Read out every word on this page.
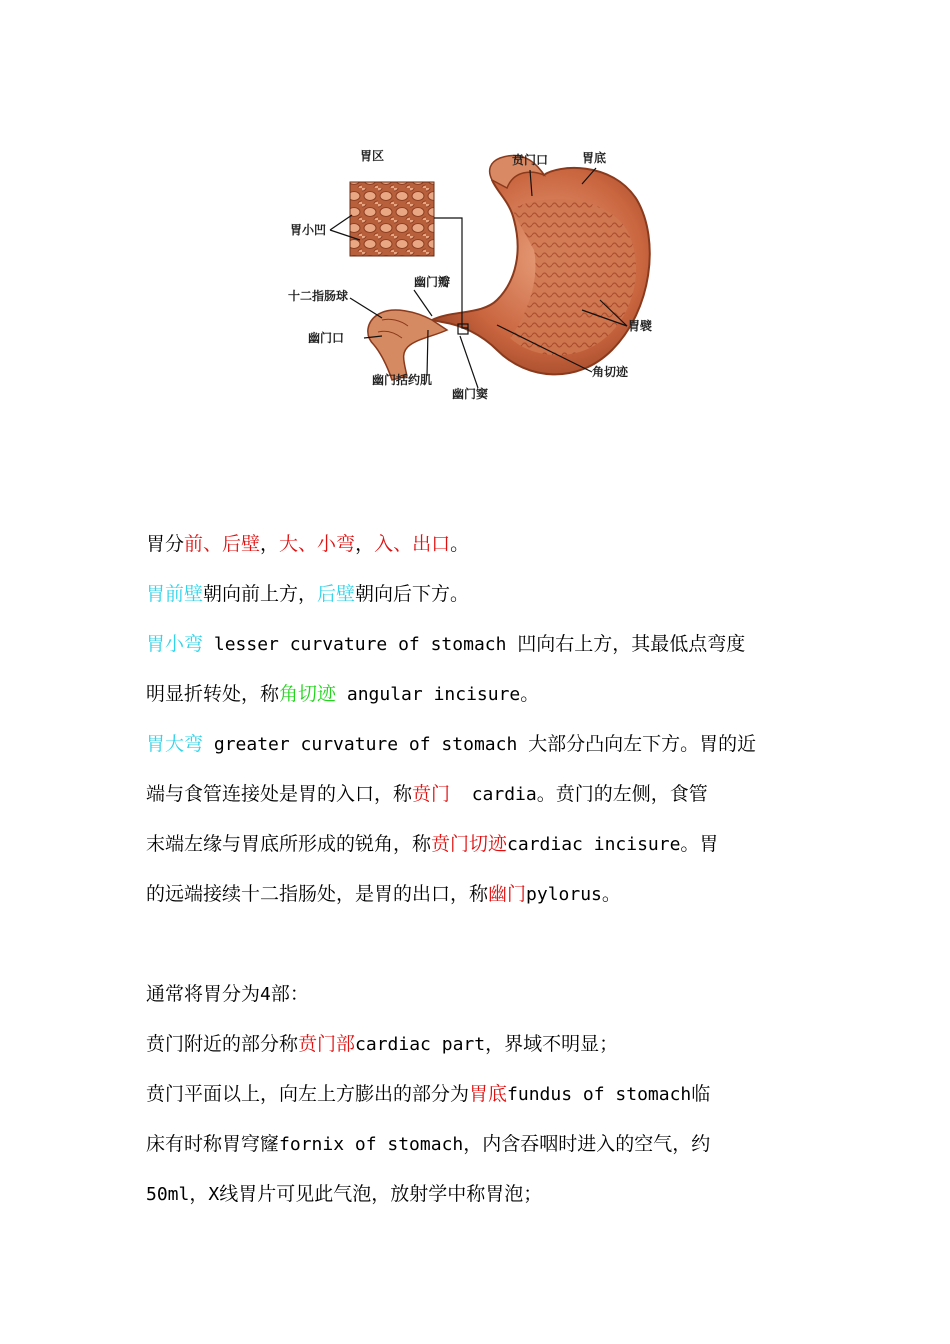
胃区
胃小凹
十二指肠球
幽门瓣
幽门口
幽门括约肌
幽门窦
贲门口	胃底
胃襞
角切迹
胃分前、后壁，大、小弯，入、出口。
胃前壁朝向前上方，后壁朝向后下方。
胃小弯 lesser curvature of stomach 凹向右上方，其最低点弯度
明显折转处，称角切迹 angular incisure。
胃大弯 greater curvature of stomach 大部分凸向左下方。胃的近
端与食管连接处是胃的入口，称贲门  cardia。贲门的左侧，食管
末端左缘与胃底所形成的锐角，称贲门切迹cardiac incisure。胃
的远端接续十二指肠处，是胃的出口，称幽门pylorus。
通常将胃分为4部：
贲门附近的部分称贲门部cardiac part，界域不明显；
贲门平面以上，向左上方膨出的部分为胃底fundus of stomach临
床有时称胃穹窿fornix of stomach，内含吞咽时进入的空气，约
50ml，X线胃片可见此气泡，放射学中称胃泡；
